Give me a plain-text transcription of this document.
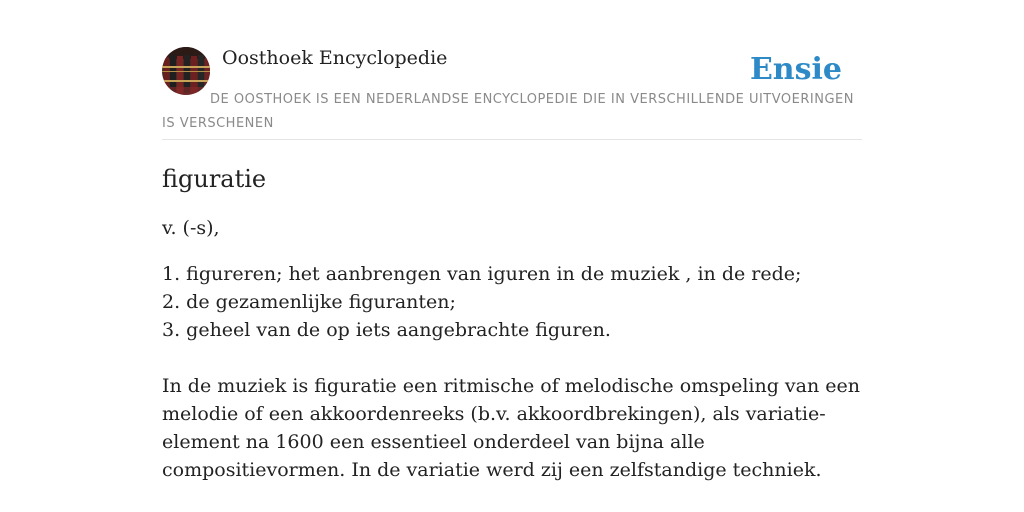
Oosthoek Encyclopedie	Ensie
DE OOSTHOEK IS EEN NEDERLANDSE ENCYCLOPEDIE DIE IN VERSCHILLENDE UITVOERINGEN IS VERSCHENEN
figuratie

v. (-s),

1. figureren; het aanbrengen van iguren in de muziek , in de rede;
2. de gezamenlijke figuranten;
3. geheel van de op iets aangebrachte figuren.

In de muziek is figuratie een ritmische of melodische omspeling van een melodie of een akkoordenreeks (b.v. akkoordbrekingen), als variatie-element na 1600 een essentieel onderdeel van bijna alle compositievormen. In de variatie werd zij een zelfstandige techniek.
